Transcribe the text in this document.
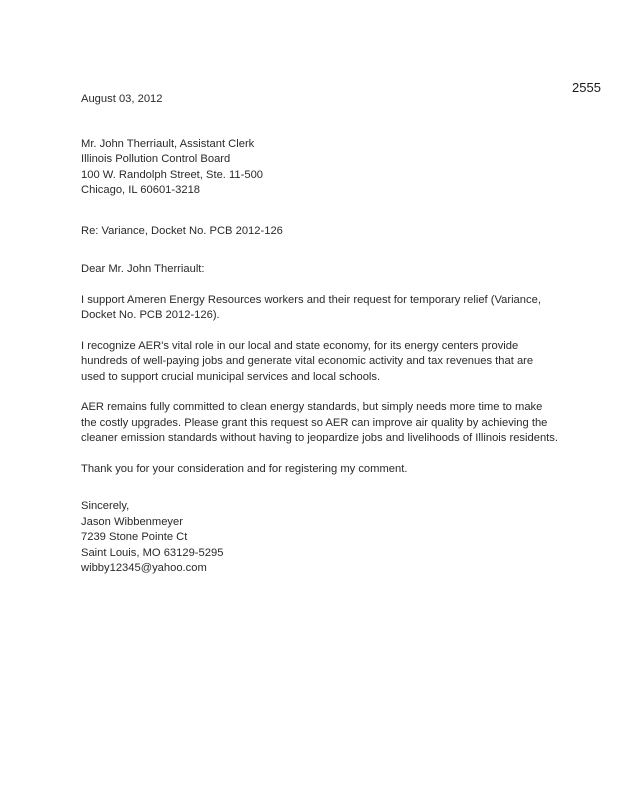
2555
August 03, 2012
Mr. John Therriault, Assistant Clerk
Illinois Pollution Control Board
100 W. Randolph Street, Ste. 11-500
Chicago, IL 60601-3218
Re: Variance, Docket No. PCB 2012-126
Dear Mr. John Therriault:
I support Ameren Energy Resources workers and their request for temporary relief (Variance,
Docket No. PCB 2012-126).
I recognize AER's vital role in our local and state economy, for its energy centers provide
hundreds of well-paying jobs and generate vital economic activity and tax revenues that are
used to support crucial municipal services and local schools.
AER remains fully committed to clean energy standards, but simply needs more time to make
the costly upgrades. Please grant this request so AER can improve air quality by achieving the
cleaner emission standards without having to jeopardize jobs and livelihoods of Illinois residents.
Thank you for your consideration and for registering my comment.
Sincerely,
Jason Wibbenmeyer
7239 Stone Pointe Ct
Saint Louis, MO 63129-5295
wibby12345@yahoo.com
